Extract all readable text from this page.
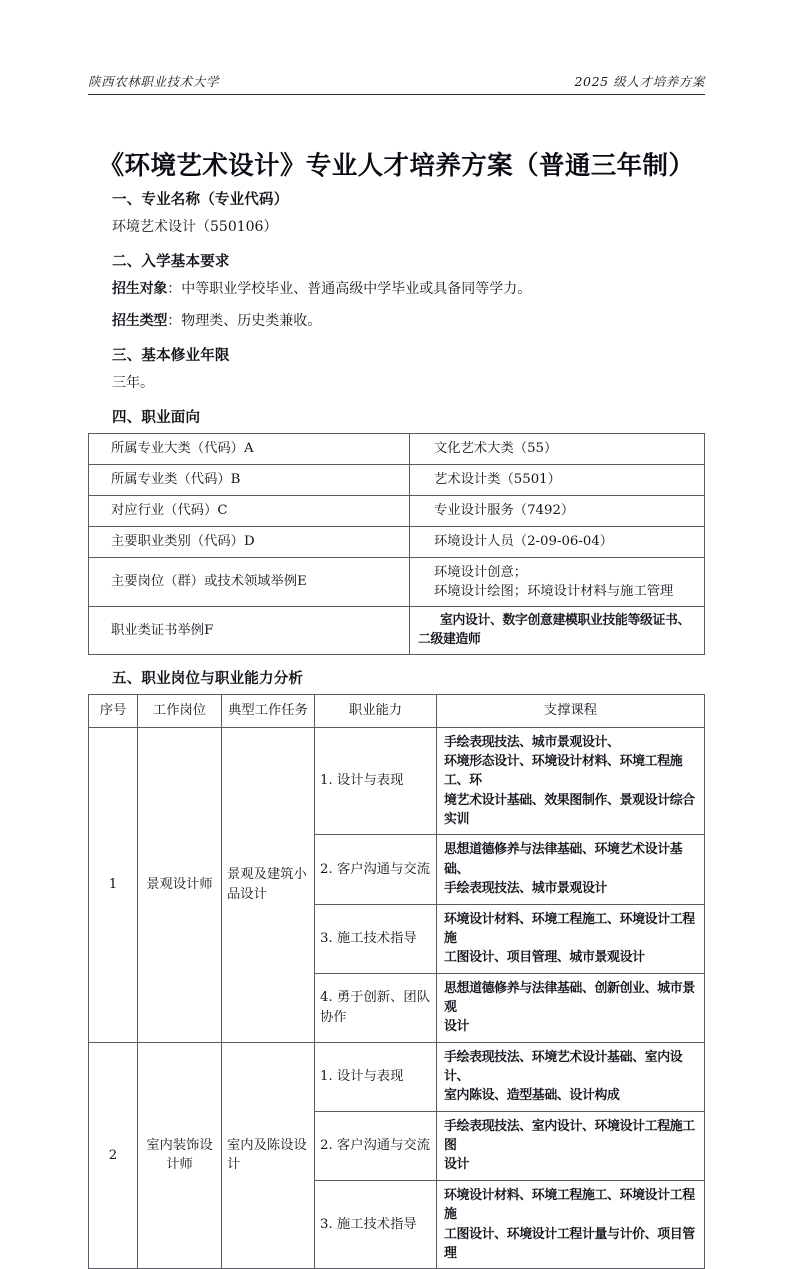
陕西农林职业技术大学	2025 级人才培养方案
《环境艺术设计》专业人才培养方案（普通三年制）
一、专业名称（专业代码）

环境艺术设计（550106）

二、入学基本要求

招生对象：中等职业学校毕业、普通高级中学毕业或具备同等学力。

招生类型：物理类、历史类兼收。

三、基本修业年限

三年。

四、职业面向
所属专业大类（代码）A	文化艺术大类（55）
所属专业类（代码）B	艺术设计类（5501）
对应行业（代码）C	专业设计服务（7492）
主要职业类别（代码）D	环境设计人员（2-09-06-04）
主要岗位（群）或技术领域举例E	环境设计创意；
环境设计绘图；环境设计材料与施工管理
职业类证书举例F	室内设计、数字创意建模职业技能等级证书、
二级建造师
五、职业岗位与职业能力分析
序号	工作岗位	典型工作任务	职业能力	支撑课程
1	景观设计师	景观及建筑小品设计	1. 设计与表现	手绘表现技法、城市景观设计、
环境形态设计、环境设计材料、环境工程施工、环
境艺术设计基础、效果图制作、景观设计综合实训
			2. 客户沟通与交流	思想道德修养与法律基础、环境艺术设计基础、
手绘表现技法、城市景观设计
			3. 施工技术指导	环境设计材料、环境工程施工、环境设计工程施
工图设计、项目管理、城市景观设计
			4. 勇于创新、团队协作	思想道德修养与法律基础、创新创业、城市景观
设计
2	室内装饰设计师	室内及陈设设计	1. 设计与表现	手绘表现技法、环境艺术设计基础、室内设计、
室内陈设、造型基础、设计构成
			2. 客户沟通与交流	手绘表现技法、室内设计、环境设计工程施工图
设计
			3. 施工技术指导	环境设计材料、环境工程施工、环境设计工程施
工图设计、环境设计工程计量与计价、项目管理
